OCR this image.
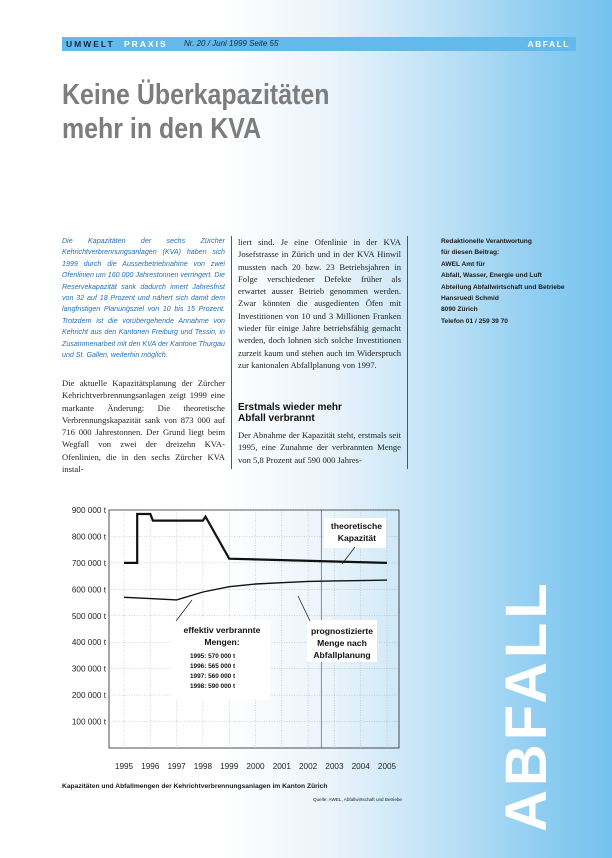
UMWELT PRAXIS Nr. 20 / Juni 1999 Seite 55	ABFALL
Keine Überkapazitäten
mehr in den KVA
Die Kapazitäten der sechs Zürcher Kehrichtverbrennungsanlagen (KVA) haben sich 1999 durch die Ausserbetriebnahme von zwei Ofenlinien um 160 000 Jahrestonnen verringert. Die Reservekapazität sank dadurch innert Jahresfrist von 32 auf 18 Prozent und nähert sich damit dem langfristigen Planungsziel von 10 bis 15 Prozent. Trotzdem ist die vorübergehende Annahme von Kehricht aus den Kantonen Freiburg und Tessin, in Zusammenarbeit mit den KVA der Kantone Thurgau und St. Gallen, weiterhin möglich.
Die aktuelle Kapazitätsplanung der Zürcher Kehrichtverbrennungsanlagen zeigt 1999 eine markante Änderung: Die theoretische Verbrennungskapazität sank von 873 000 auf 716 000 Jahrestonnen. Der Grund liegt beim Wegfall von zwei der dreizehn KVA-Ofenlinien, die in den sechs Zürcher KVA instal-
liert sind. Je eine Ofenlinie in der KVA Josefstrasse in Zürich und in der KVA Hinwil mussten nach 20 bzw. 23 Betriebsjahren in Folge verschiedener Defekte früher als erwartet ausser Betrieb genommen werden. Zwar könnten die ausgedienten Öfen mit Investitionen von 10 und 3 Millionen Franken wieder für einige Jahre betriebsfähig gemacht werden, doch lohnen sich solche Investitionen zurzeit kaum und stehen auch im Widerspruch zur kantonalen Abfallplanung von 1997.
Erstmals wieder mehr
Abfall verbrannt
Der Abnahme der Kapazität steht, erstmals seit 1995, eine Zunahme der verbrannten Menge von 5,8 Prozent auf 590 000 Jahres-
Redaktionelle Verantwortung
für diesen Beitrag:
AWEL Amt für
Abfall, Wasser, Energie und Luft
Abteilung Abfallwirtschaft und Betriebe
Hansruedi Schmid
8090 Zürich
Telefon 01 / 259 39 70
ABFALL
900 000 t
800 000 t
700 000 t
600 000 t
500 000 t
400 000 t
300 000 t
200 000 t
100 000 t
1995 1996 1997 1998 1999 2000 2001 2002 2003 2004 2005
theoretische
Kapazität
effektiv verbrannte
Mengen:
1995: 570 000 t
1996: 565 000 t
1997: 560 000 t
1998: 590 000 t
prognostizierte
Menge nach
Abfallplanung
Kapazitäten und Abfallmengen der Kehrichtverbrennungsanlagen im Kanton Zürich
Quelle: AWEL, Abfallwirtschaft und Betriebe
